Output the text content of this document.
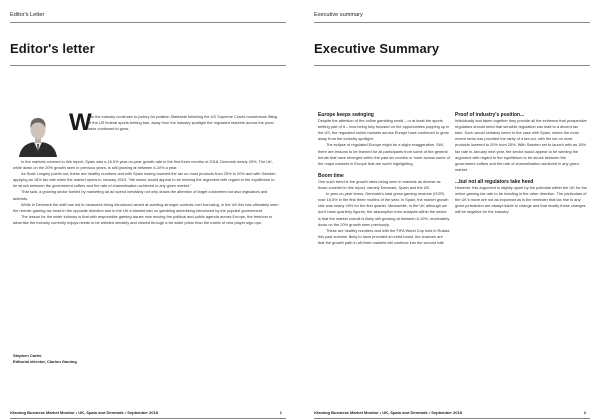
Editor's Letter
Editor's letter
W

hile the industry continues to jockey for position Stateside following the US Supreme Courts momentous lifting of the US federal sports betting ban, away from the industry spotlight the regulated markets across the pond have continued to grow.

In the markets covered in this report, Spain saw a 16.5% year-on-year growth rate in the first three months of 2018. Denmark nearly 29%. The UK, while down on the 20% growth seen in previous years, is still growing at between 6-10% a year.

As Scott Longley points out, these are healthy numbers and with Spain having lowered the tax on most products from 25% to 20% and with Sweden applying an 18% tax rate when the market opens in January 2019, "the sector would appear to be winning the argument with regard to the equilibrium to be struck between the government coffers and the rate of channelisation achieved in any given market."

That said, a growing sector fuelled by marketing ad ad spend inevitably not only draws the attention of target customers but also legislators and activists.

While in Denmark the shift has led to measures being introduced aimed at averting stronger controls over bonusing, in the UK this has ultimately seen the remote gaming tax head in the opposite direction and in the UK a blanket ban on gambling advertising introduced by the populist government.

The lesson for the wider industry is that with responsible gaming issues now moving the political and public agenda across Europe, the freedom to advertise the industry currently enjoys needs to be wielded sensibly and viewed through a far wider prism than the matrix of new player sign-ups.

Stephen Carter
Editorial director, Clarion Gaming
iGaming Business Market Monitor • UK, Spain and Denmark • September 2018	1
Executive summary
Executive Summary
Europe keeps swinging

Despite the attention of the online gambling world – or at least the sports betting part of it – now being fully focused on the opportunities popping up in the US, the regulated online markets across Europe have continued to grow away from the industry spotlight.

The eclipse of regulated Europe might be a slight exaggeration. Still, there are lessons to be learned for all participants from some of the general trends that have emerged within the past six months or more across some of the major markets in Europe that are worth highlighting.

Boom time

One such trend is the growth rates being seen in markets as diverse as those covered in this report, namely Denmark, Spain and the UK.

In year-on-year terms, Denmark's total gross gaming revenue (GGR) rose 16.5% in the first three months of the year. In Spain, the market growth rate was nearly 29% for the first quarter. Meanwhile, in the UK although we don't have quarterly figures, the assumption from analysts within the sector is that the market overall is likely still growing at between 6-10%, moderately down on the 20% growth seen previously.

These are healthy numbers and with the FIFA World Cup held in Russia this past summer likely to have provided an extra boost, the chances are that the growth path in all three markets will continue into the second half.

Proof of industry's position...

Individually and taken together they provide all the evidence that prospective regulators should need that sensible regulation can lead to a decent tax take. Such would certainly seem to the case with Spain, where the most recent news has provided the rarity of a tax cut, with the tax on most products lowered to 20% from 25%. With Sweden set to launch with an 18% tax rate in January next year, the sector would appear to be winning the argument with regard to the equilibrium to be struck between the government coffers and the rate of channelisation achieved in any given market.

...but not all regulators take heed

However, this argument is slightly upset by the potential within the UK for the online gaming tax rate to be heading in the other direction. The particulars of the UK's move are not as important as is the reminder that tax rise in any given jurisdiction are always liable to change and that mostly these changes will be negative for the industry.

iGaming Business Market Monitor • UK, Spain and Denmark • September 2018	2
